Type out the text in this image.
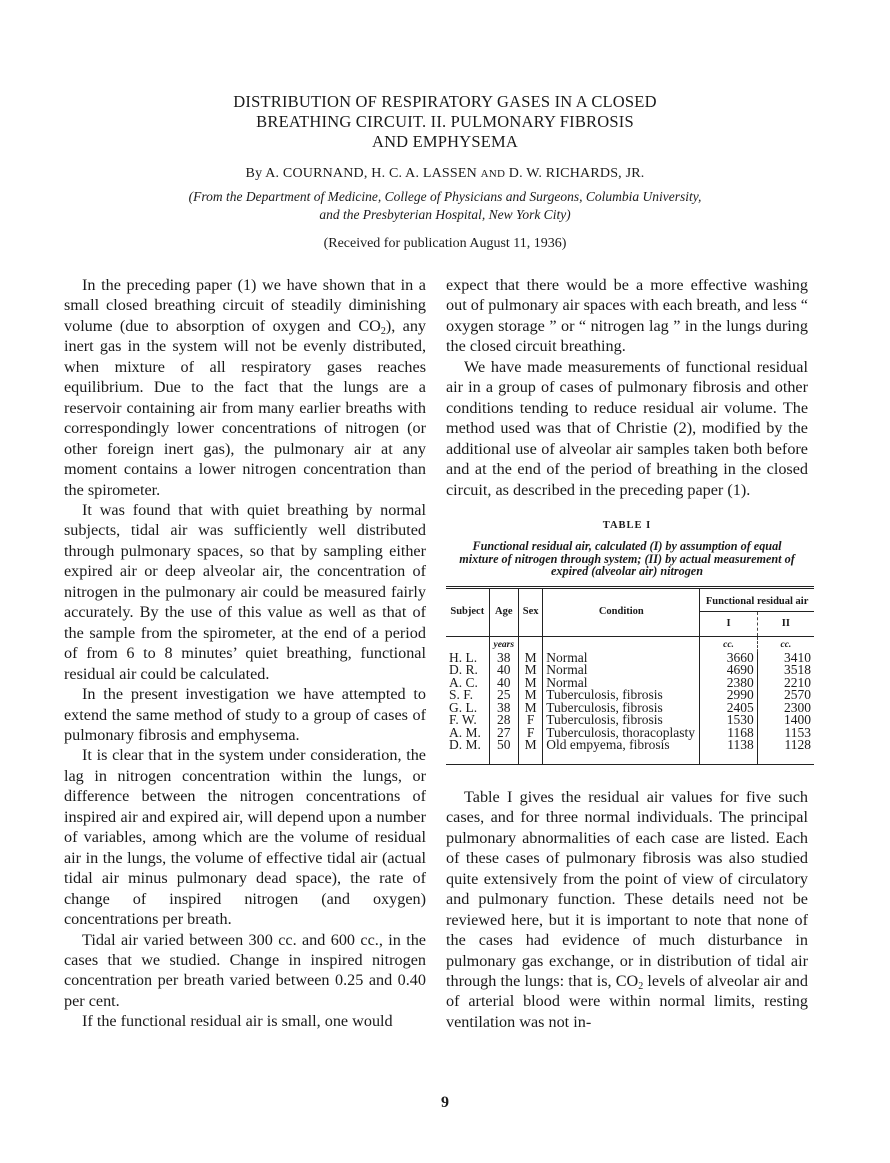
DISTRIBUTION OF RESPIRATORY GASES IN A CLOSED
BREATHING CIRCUIT. II. PULMONARY FIBROSIS
AND EMPHYSEMA
By A. COURNAND, H. C. A. LASSEN AND D. W. RICHARDS, JR.
(From the Department of Medicine, College of Physicians and Surgeons, Columbia University,
and the Presbyterian Hospital, New York City)
(Received for publication August 11, 1936)

In the preceding paper (1) we have shown that in a small closed breathing circuit of steadily diminishing volume (due to absorption of oxygen and $CO_2$), any inert gas in the system will not be evenly distributed, when mixture of all respiratory gases reaches equilibrium. Due to the fact that the lungs are a reservoir containing air from many earlier breaths with correspondingly lower concentrations of nitrogen (or other foreign inert gas), the pulmonary air at any moment contains a lower nitrogen concentration than the spirometer.

It was found that with quiet breathing by normal subjects, tidal air was sufficiently well distributed through pulmonary spaces, so that by sampling either expired air or deep alveolar air, the concentration of nitrogen in the pulmonary air could be measured fairly accurately. By the use of this value as well as that of the sample from the spirometer, at the end of a period of from 6 to 8 minutes’ quiet breathing, functional residual air could be calculated.

In the present investigation we have attempted to extend the same method of study to a group of cases of pulmonary fibrosis and emphysema.

It is clear that in the system under consideration, the lag in nitrogen concentration within the lungs, or difference between the nitrogen concentrations of inspired air and expired air, will depend upon a number of variables, among which are the volume of residual air in the lungs, the volume of effective tidal air (actual tidal air minus pulmonary dead space), the rate of change of inspired nitrogen (and oxygen) concentrations per breath.

Tidal air varied between 300 cc. and 600 cc., in the cases that we studied. Change in inspired nitrogen concentration per breath varied between 0.25 and 0.40 per cent.

If the functional residual air is small, one would

expect that there would be a more effective washing out of pulmonary air spaces with each breath, and less “ oxygen storage ” or “ nitrogen lag ” in the lungs during the closed circuit breathing.

We have made measurements of functional residual air in a group of cases of pulmonary fibrosis and other conditions tending to reduce residual air volume. The method used was that of Christie (2), modified by the additional use of alveolar air samples taken both before and at the end of the period of breathing in the closed circuit, as described in the preceding paper (1).

TABLE I
Functional residual air, calculated (I) by assumption of equal mixture of nitrogen through system; (II) by actual measurement of expired (alveolar air) nitrogen
Subject	Age	Sex	Condition	Functional residual air	
				I	II
	years			cc.	cc.
H. L.	38	M	Normal	3660	3410
D. R.	40	M	Normal	4690	3518
A. C.	40	M	Normal	2380	2210
S. F.	25	M	Tuberculosis, fibrosis	2990	2570
G. L.	38	M	Tuberculosis, fibrosis	2405	2300
F. W.	28	F	Tuberculosis, fibrosis	1530	1400
A. M.	27	F	Tuberculosis, thoracoplasty	1168	1153
D. M.	50	M	Old empyema, fibrosis	1138	1128

Table I gives the residual air values for five such cases, and for three normal individuals. The principal pulmonary abnormalities of each case are listed. Each of these cases of pulmonary fibrosis was also studied quite extensively from the point of view of circulatory and pulmonary function. These details need not be reviewed here, but it is important to note that none of the cases had evidence of much disturbance in pulmonary gas exchange, or in distribution of tidal air through the lungs: that is, $CO_2$ levels of alveolar air and of arterial blood were within normal limits, resting ventilation was not in-

9
